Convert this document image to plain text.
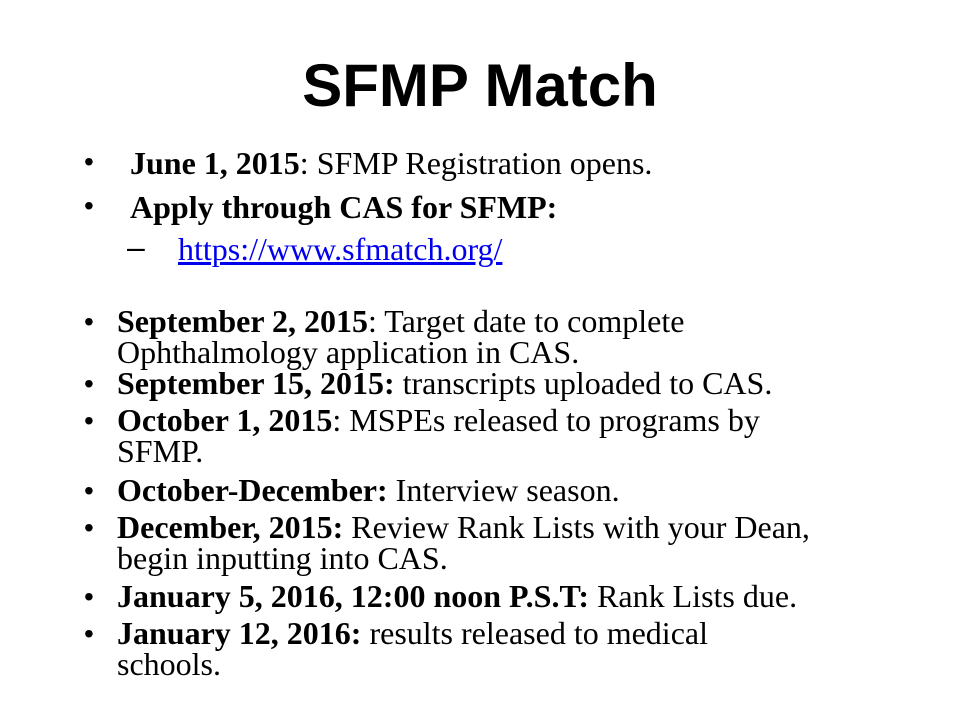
SFMP Match
• June 1, 2015: SFMP Registration opens.
• Apply through CAS for SFMP:
– https://www.sfmatch.org/
• September 2, 2015: Target date to complete
Ophthalmology application in CAS.
• September 15, 2015: transcripts uploaded to CAS.
• October 1, 2015: MSPEs released to programs by
SFMP.
• October-December: Interview season.
• December, 2015: Review Rank Lists with your Dean,
begin inputting into CAS.
• January 5, 2016, 12:00 noon P.S.T: Rank Lists due.
• January 12, 2016: results released to medical
schools.
